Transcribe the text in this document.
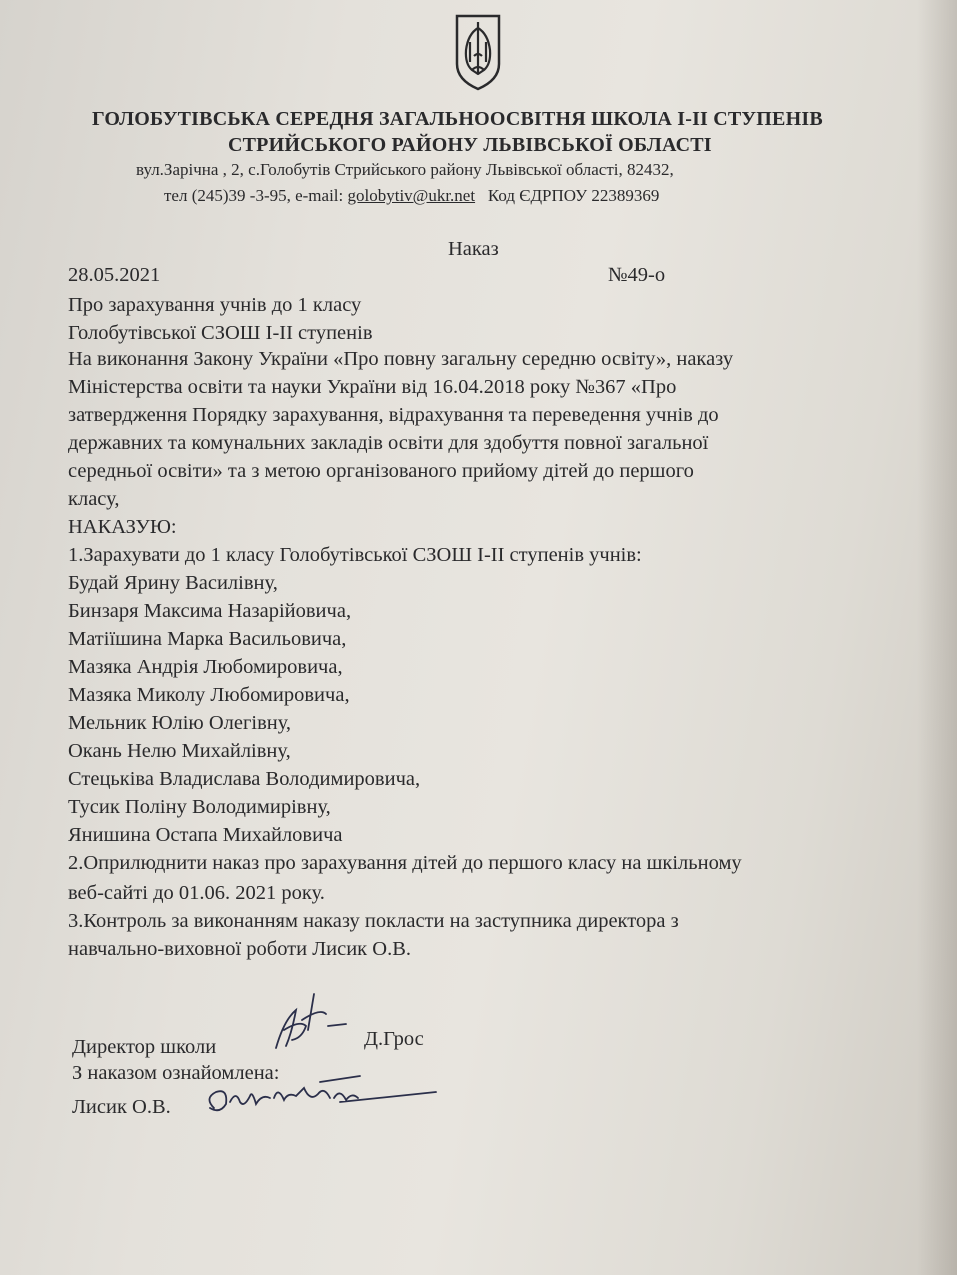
ГОЛОБУТІВСЬКА СЕРЕДНЯ ЗАГАЛЬНООСВІТНЯ ШКОЛА І-ІІ СТУПЕНІВ
СТРИЙСЬКОГО РАЙОНУ ЛЬВІВСЬКОЇ ОБЛАСТІ
вул.Зарічна , 2, с.Голобутів Стрийського району Львівської області, 82432,
тел (245)39 -3-95, e-mail: golobytiv@ukr.net Код ЄДРПОУ 22389369
Наказ
28.05.2021	№49-о
Про зарахування учнів до 1 класу
Голобутівської СЗОШ І-ІІ ступенів
На виконання Закону України «Про повну загальну середню освіту», наказу
Міністерства освіти та науки України від 16.04.2018 року №367 «Про
затвердження Порядку зарахування, відрахування та переведення учнів до
державних та комунальних закладів освіти для здобуття повної загальної
середньої освіти» та з метою організованого прийому дітей до першого
класу,
НАКАЗУЮ:
1.Зарахувати до 1 класу Голобутівської СЗОШ І-ІІ ступенів учнів:
Будай Ярину Василівну,
Бинзаря Максима Назарійовича,
Матіїшина Марка Васильовича,
Мазяка Андрія Любомировича,
Мазяка Миколу Любомировича,
Мельник Юлію Олегівну,
Окань Нелю Михайлівну,
Стецьківа Владислава Володимировича,
Тусик Поліну Володимирівну,
Янишина Остапа Михайловича
2.Оприлюднити наказ про зарахування дітей до першого класу на шкільному
веб-сайті до 01.06. 2021 року.
3.Контроль за виконанням наказу покласти на заступника директора з
навчально-виховної роботи Лисик О.В.
Директор школи	Д.Грос
З наказом ознайомлена:
Лисик О.В.
